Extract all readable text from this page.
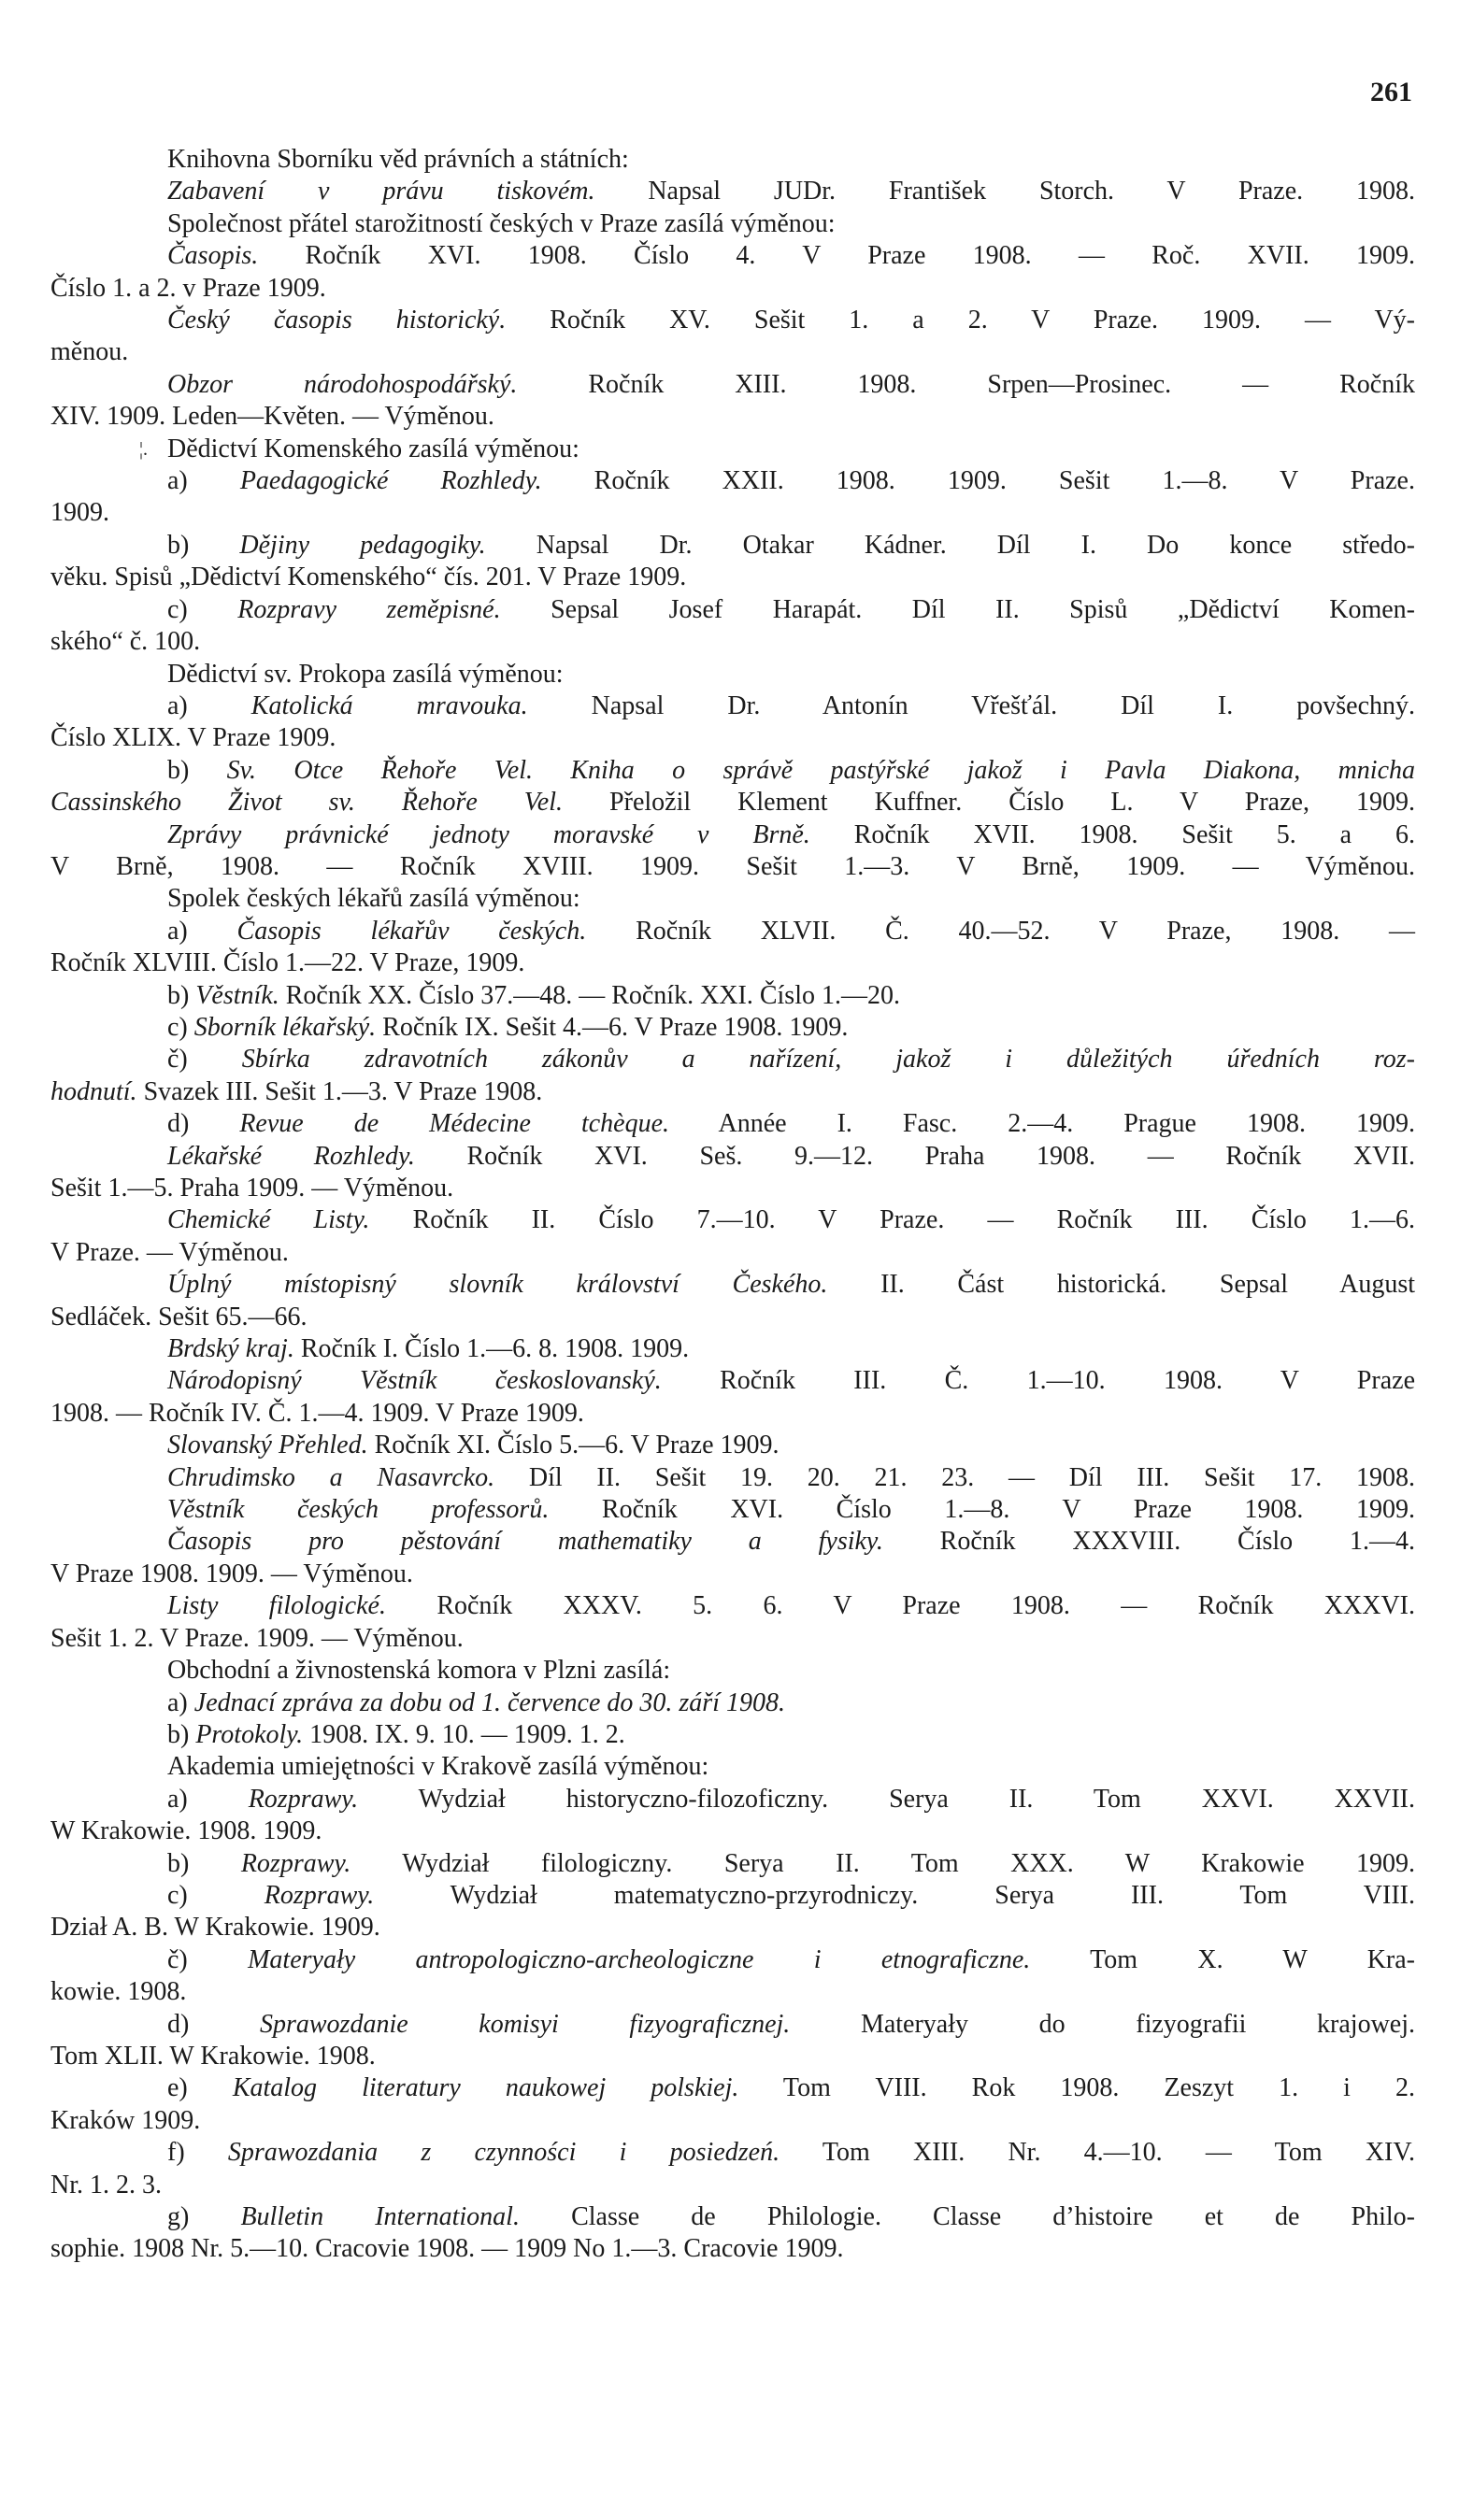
261
Knihovna Sborníku věd právních a státních:
Zabavení v právu tiskovém. Napsal JUDr. František Storch. V Praze. 1908.
Společnost přátel starožitností českých v Praze zasílá výměnou:
Časopis. Ročník XVI. 1908. Číslo 4. V Praze 1908. — Roč. XVII. 1909.
Číslo 1. a 2. v Praze 1909.
Český časopis historický. Ročník XV. Sešit 1. a 2. V Praze. 1909. — Vý-
měnou.
Obzor národohospodářský. Ročník XIII. 1908. Srpen—Prosinec. — Ročník
XIV. 1909. Leden—Květen. — Výměnou.
¦. Dědictví Komenského zasílá výměnou:
a) Paedagogické Rozhledy. Ročník XXII. 1908. 1909. Sešit 1.—8. V Praze.
1909.
b) Dějiny pedagogiky. Napsal Dr. Otakar Kádner. Díl I. Do konce středo-
věku. Spisů „Dědictví Komenského“ čís. 201. V Praze 1909.
c) Rozpravy zeměpisné. Sepsal Josef Harapát. Díl II. Spisů „Dědictví Komen-
ského“ č. 100.
Dědictví sv. Prokopa zasílá výměnou:
a) Katolická mravouka. Napsal Dr. Antonín Vřešťál. Díl I. povšechný.
Číslo XLIX. V Praze 1909.
b) Sv. Otce Řehoře Vel. Kniha o správě pastýřské jakož i Pavla Diakona, mnicha
Cassinského Život sv. Řehoře Vel. Přeložil Klement Kuffner. Číslo L. V Praze, 1909.
Zprávy právnické jednoty moravské v Brně. Ročník XVII. 1908. Sešit 5. a 6.
V Brně, 1908. — Ročník XVIII. 1909. Sešit 1.—3. V Brně, 1909. — Výměnou.
Spolek českých lékařů zasílá výměnou:
a) Časopis lékařův českých. Ročník XLVII. Č. 40.—52. V Praze, 1908. —
Ročník XLVIII. Číslo 1.—22. V Praze, 1909.
b) Věstník. Ročník XX. Číslo 37.—48. — Ročník. XXI. Číslo 1.—20.
c) Sborník lékařský. Ročník IX. Sešit 4.—6. V Praze 1908. 1909.
č) Sbírka zdravotních zákonův a nařízení, jakož i důležitých úředních roz-
hodnutí. Svazek III. Sešit 1.—3. V Praze 1908.
d) Revue de Médecine tchèque. Année I. Fasc. 2.—4. Prague 1908. 1909.
Lékařské Rozhledy. Ročník XVI. Seš. 9.—12. Praha 1908. — Ročník XVII.
Sešit 1.—5. Praha 1909. — Výměnou.
Chemické Listy. Ročník II. Číslo 7.—10. V Praze. — Ročník III. Číslo 1.—6.
V Praze. — Výměnou.
Úplný místopisný slovník království Českého. II. Část historická. Sepsal August
Sedláček. Sešit 65.—66.
Brdský kraj. Ročník I. Číslo 1.—6. 8. 1908. 1909.
Národopisný Věstník českoslovanský. Ročník III. Č. 1.—10. 1908. V Praze
1908. — Ročník IV. Č. 1.—4. 1909. V Praze 1909.
Slovanský Přehled. Ročník XI. Číslo 5.—6. V Praze 1909.
Chrudimsko a Nasavrcko. Díl II. Sešit 19. 20. 21. 23. — Díl III. Sešit 17. 1908.
Věstník českých professorů. Ročník XVI. Číslo 1.—8. V Praze 1908. 1909.
Časopis pro pěstování mathematiky a fysiky. Ročník XXXVIII. Číslo 1.—4.
V Praze 1908. 1909. — Výměnou.
Listy filologické. Ročník XXXV. 5. 6. V Praze 1908. — Ročník XXXVI.
Sešit 1. 2. V Praze. 1909. — Výměnou.
Obchodní a živnostenská komora v Plzni zasílá:
a) Jednací zpráva za dobu od 1. července do 30. září 1908.
b) Protokoly. 1908. IX. 9. 10. — 1909. 1. 2.
Akademia umiejętności v Krakově zasílá výměnou:
a) Rozprawy. Wydział historyczno-filozoficzny. Serya II. Tom XXVI. XXVII.
W Krakowie. 1908. 1909.
b) Rozprawy. Wydział filologiczny. Serya II. Tom XXX. W Krakowie 1909.
c) Rozprawy. Wydział matematyczno-przyrodniczy. Serya III. Tom VIII.
Dział A. B. W Krakowie. 1909.
č) Materyały antropologiczno-archeologiczne i etnograficzne. Tom X. W Kra-
kowie. 1908.
d) Sprawozdanie komisyi fizyograficznej. Materyały do fizyografii krajowej.
Tom XLII. W Krakowie. 1908.
e) Katalog literatury naukowej polskiej. Tom VIII. Rok 1908. Zeszyt 1. i 2.
Kraków 1909.
f) Sprawozdania z czynności i posiedzeń. Tom XIII. Nr. 4.—10. — Tom XIV.
Nr. 1. 2. 3.
g) Bulletin International. Classe de Philologie. Classe d’histoire et de Philo-
sophie. 1908 Nr. 5.—10. Cracovie 1908. — 1909 No 1.—3. Cracovie 1909.
